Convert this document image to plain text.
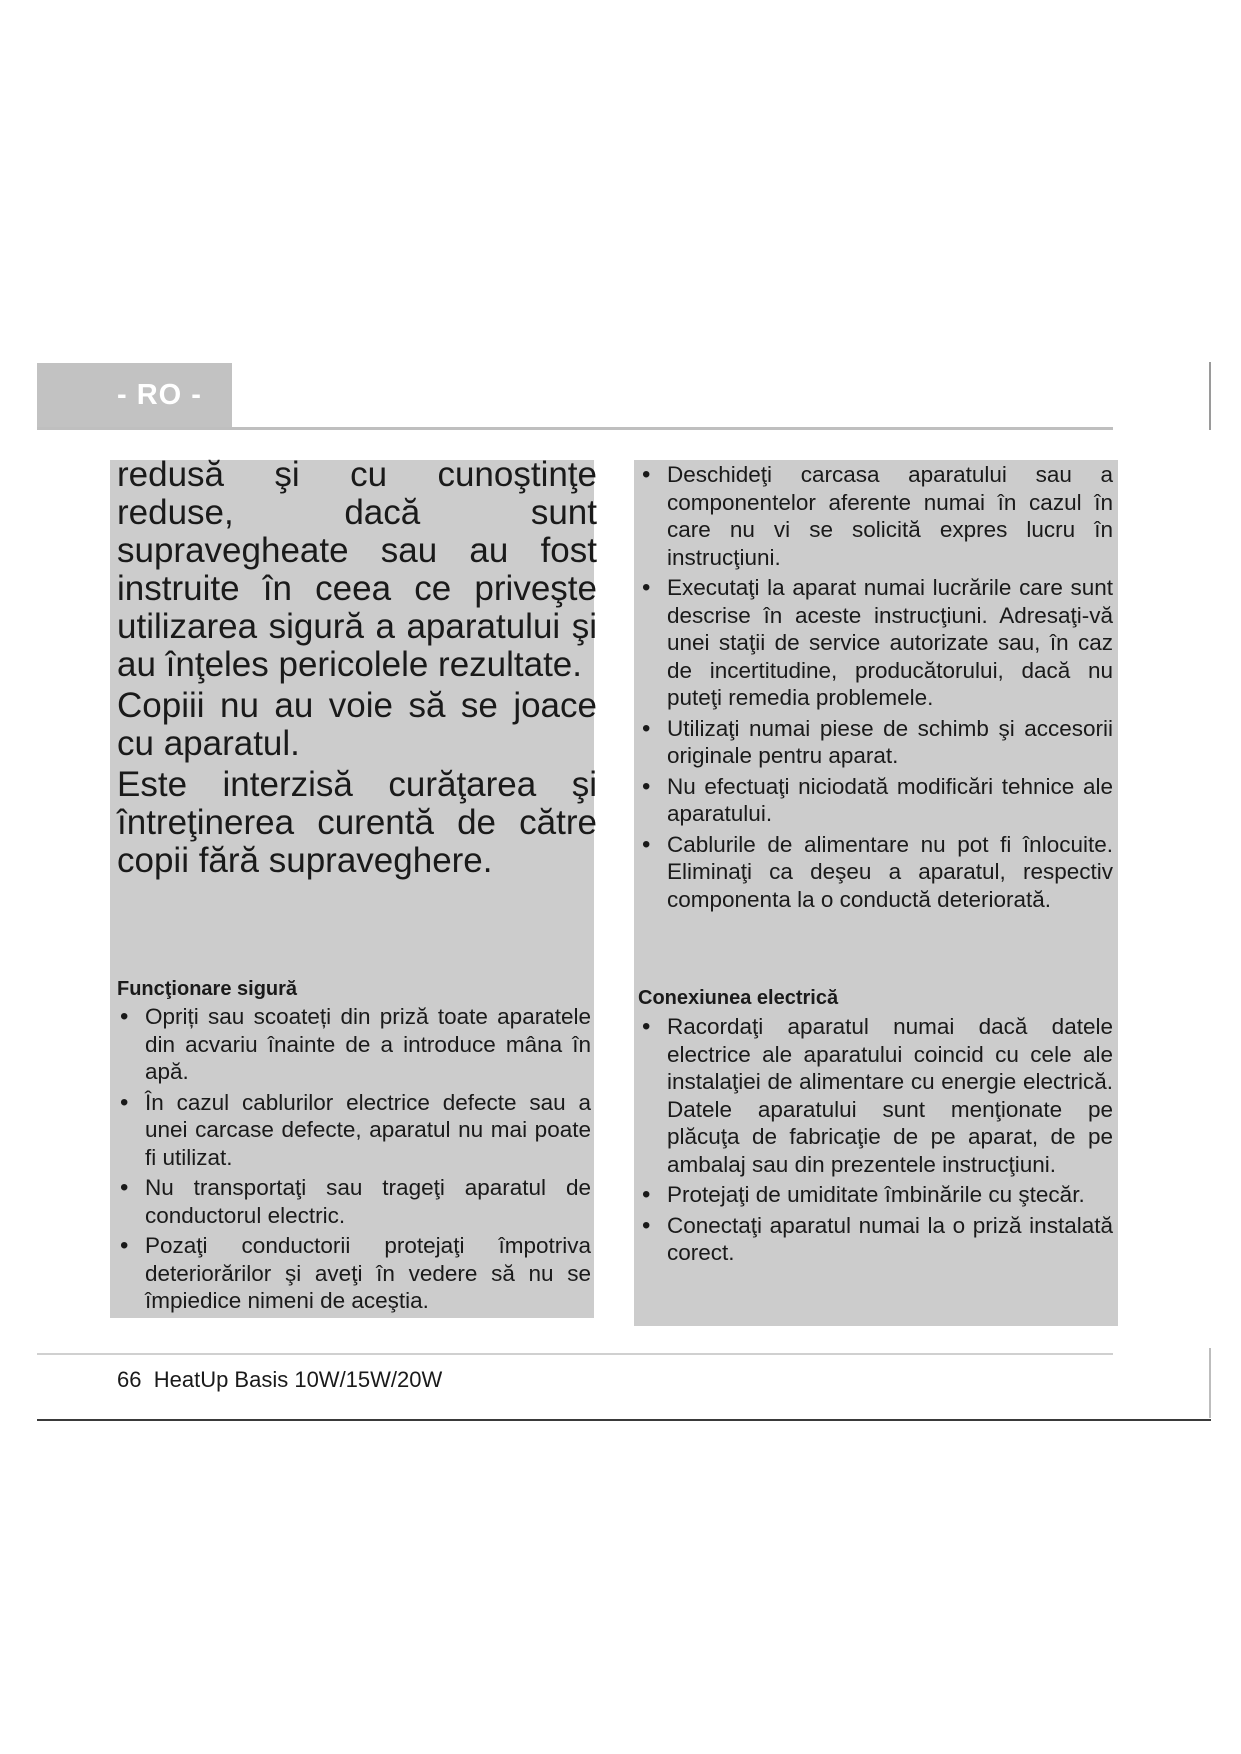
- RO -

redusă şi cu cunoştinţe reduse, dacă sunt supravegheate sau au fost instruite în ceea ce priveşte utilizarea sigură a aparatului şi au înţeles pericolele rezultate.

Copiii nu au voie să se joace cu aparatul.

Este interzisă curăţarea şi întreţinerea curentă de către copii fără supraveghere.

Funcţionare sigură
• Opriți sau scoateți din priză toate aparatele din acvariu înainte de a introduce mâna în apă.
• În cazul cablurilor electrice defecte sau a unei carcase defecte, aparatul nu mai poate fi utilizat.
• Nu transportaţi sau trageţi aparatul de conductorul electric.
• Pozaţi conductorii protejaţi împotriva deteriorărilor şi aveţi în vedere să nu se împiedice nimeni de aceştia.
• Deschideţi carcasa aparatului sau a componentelor aferente numai în cazul în care nu vi se solicită expres lucru în instrucţiuni.
• Executaţi la aparat numai lucrările care sunt descrise în aceste instrucţiuni. Adresaţi-vă unei staţii de service autorizate sau, în caz de incertitudine, producătorului, dacă nu puteţi remedia problemele.
• Utilizaţi numai piese de schimb şi accesorii originale pentru aparat.
• Nu efectuaţi niciodată modificări tehnice ale aparatului.
• Cablurile de alimentare nu pot fi înlocuite. Eliminaţi ca deşeu a aparatul, respectiv componenta la o conductă deteriorată.
Conexiunea electrică
• Racordaţi aparatul numai dacă datele electrice ale aparatului coincid cu cele ale instalaţiei de alimentare cu energie electrică. Datele aparatului sunt menţionate pe plăcuţa de fabricaţie de pe aparat, de pe ambalaj sau din prezentele instrucţiuni.
• Protejaţi de umiditate îmbinările cu ştecăr.
• Conectaţi aparatul numai la o priză instalată corect.
66 HeatUp Basis 10W/15W/20W
